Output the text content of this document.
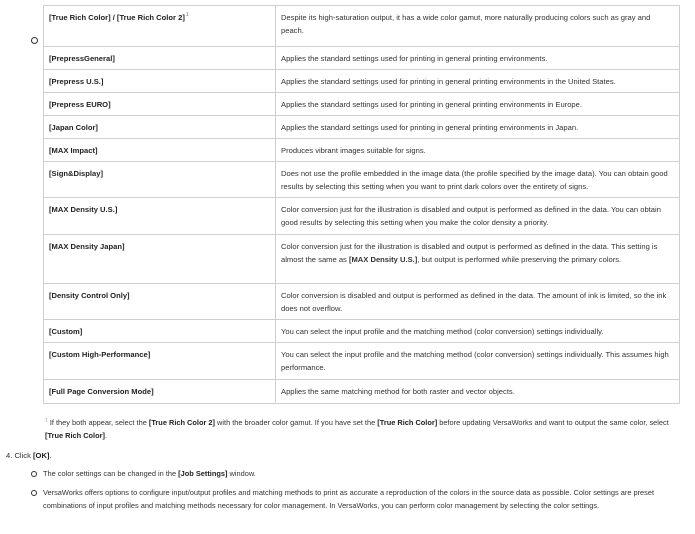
[True Rich Color] / [True Rich Color 2]$^1$	Despite its high-saturation output, it has a wide color gamut, more naturally producing colors such as gray and peach.
[PrepressGeneral]	Applies the standard settings used for printing in general printing environments.
[Prepress U.S.]	Applies the standard settings used for printing in general printing environments in the United States.
[Prepress EURO]	Applies the standard settings used for printing in general printing environments in Europe.
[Japan Color]	Applies the standard settings used for printing in general printing environments in Japan.
[MAX Impact]	Produces vibrant images suitable for signs.
[Sign&Display]	Does not use the profile embedded in the image data (the profile specified by the image data). You can obtain good results by selecting this setting when you want to print dark colors over the entirety of signs.
[MAX Density U.S.]	Color conversion just for the illustration is disabled and output is performed as defined in the data. You can obtain good results by selecting this setting when you make the color density a priority.
[MAX Density Japan]	Color conversion just for the illustration is disabled and output is performed as defined in the data. This setting is almost the same as [MAX Density U.S.], but output is performed while preserving the primary colors.
[Density Control Only]	Color conversion is disabled and output is performed as defined in the data. The amount of ink is limited, so the ink does not overflow.
[Custom]	You can select the input profile and the matching method (color conversion) settings individually.
[Custom High-Performance]	You can select the input profile and the matching method (color conversion) settings individually. This assumes high performance.
[Full Page Conversion Mode]	Applies the same matching method for both raster and vector objects.
$^1$ If they both appear, select the [True Rich Color 2] with the broader color gamut. If you have set the [True Rich Color] before updating VersaWorks and want to output the same color, select [True Rich Color].
4. Click [OK].
The color settings can be changed in the [Job Settings] window.
VersaWorks offers options to configure input/output profiles and matching methods to print as accurate a reproduction of the colors in the source data as possible. Color settings are preset combinations of input profiles and matching methods necessary for color management. In VersaWorks, you can perform color management by selecting the color settings.
